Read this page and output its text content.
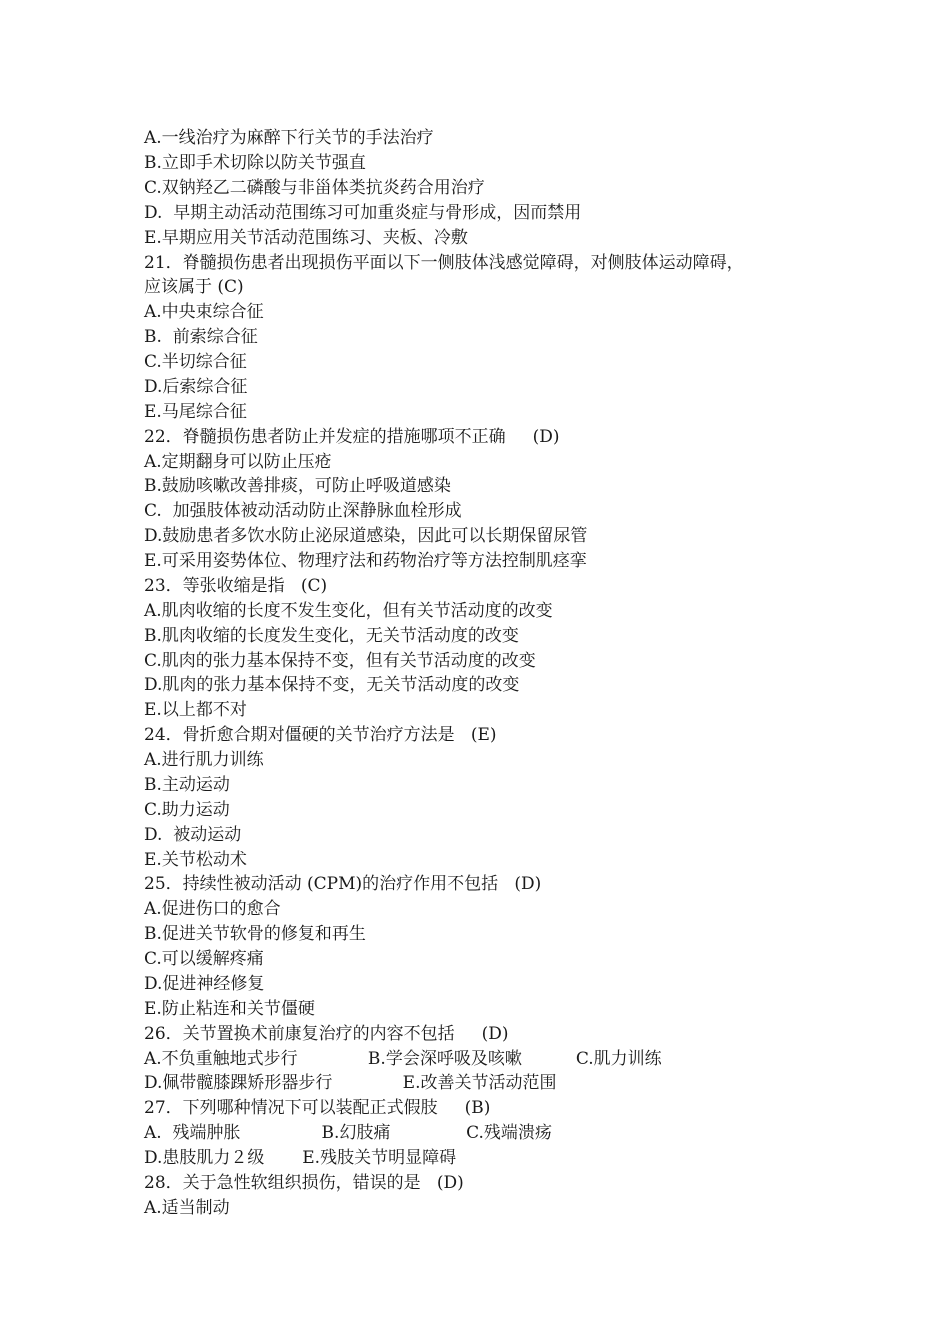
A.一线治疗为麻醉下行关节的手法治疗
B.立即手术切除以防关节强直
C.双钠羟乙二磷酸与非甾体类抗炎药合用治疗
D.  早期主动活动范围练习可加重炎症与骨形成，因而禁用
E.早期应用关节活动范围练习、夹板、冷敷
21．脊髓损伤患者出现损伤平面以下一侧肢体浅感觉障碍，对侧肢体运动障碍，
应该属于 (C)
A.中央束综合征
B.  前索综合征
C.半切综合征
D.后索综合征
E.马尾综合征
22．脊髓损伤患者防止并发症的措施哪项不正确     (D)
A.定期翻身可以防止压疮
B.鼓励咳嗽改善排痰，可防止呼吸道感染
C.  加强肢体被动活动防止深静脉血栓形成
D.鼓励患者多饮水防止泌尿道感染，因此可以长期保留尿管
E.可采用姿势体位、物理疗法和药物治疗等方法控制肌痉挛
23．等张收缩是指   (C)
A.肌肉收缩的长度不发生变化，但有关节活动度的改变
B.肌肉收缩的长度发生变化，无关节活动度的改变
C.肌肉的张力基本保持不变，但有关节活动度的改变
D.肌肉的张力基本保持不变，无关节活动度的改变
E.以上都不对
24．骨折愈合期对僵硬的关节治疗方法是   (E)
A.进行肌力训练
B.主动运动
C.助力运动
D.  被动运动
E.关节松动术
25．持续性被动活动 (CPM)的治疗作用不包括   (D)
A.促进伤口的愈合
B.促进关节软骨的修复和再生
C.可以缓解疼痛
D.促进神经修复
E.防止粘连和关节僵硬
26．关节置换术前康复治疗的内容不包括     (D)
A.不负重触地式步行             B.学会深呼吸及咳嗽          C.肌力训练
D.佩带髋膝踝矫形器步行             E.改善关节活动范围
27．下列哪种情况下可以装配正式假肢     (B)
A.  残端肿胀               B.幻肢痛              C.残端溃疡
D.患肢肌力２级       E.残肢关节明显障碍
28．关于急性软组织损伤，错误的是   (D)
A.适当制动
